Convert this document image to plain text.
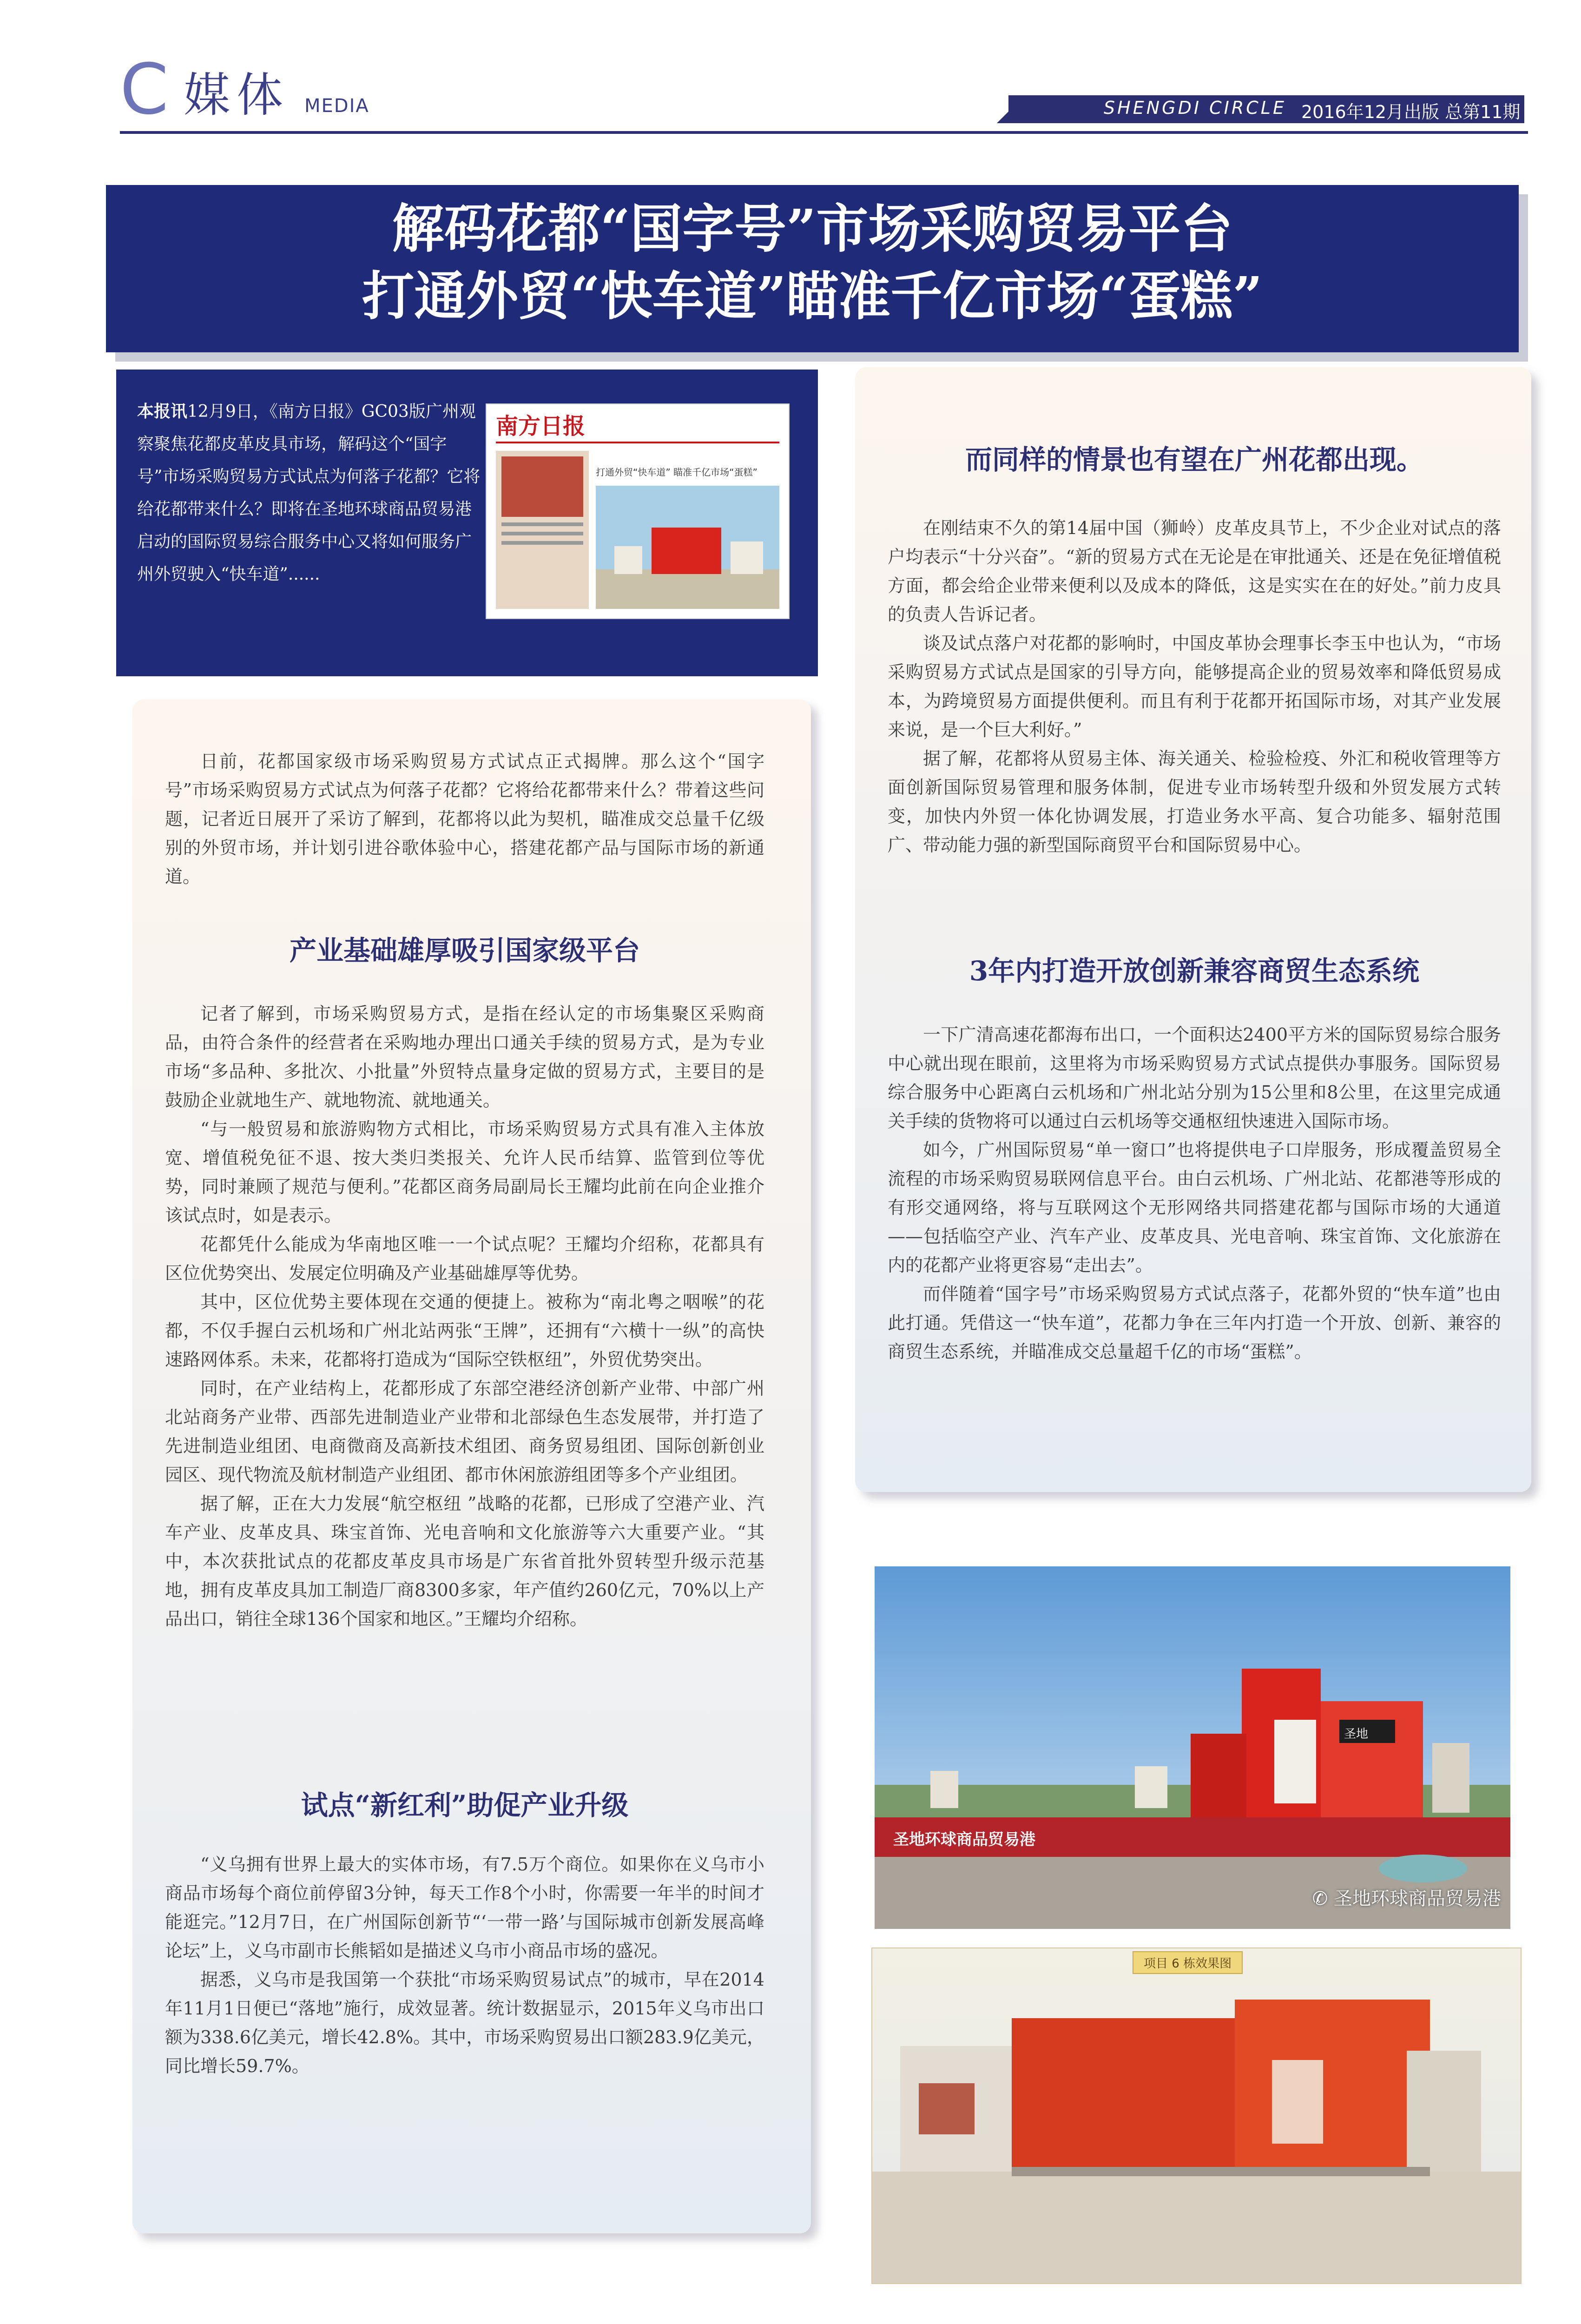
C 媒体 MEDIA	SHENGDI CIRCLE 2016年12月出版 总第11期
解码花都“国字号”市场采购贸易平台
打通外贸“快车道”瞄准千亿市场“蛋糕”
本报讯12月9日，《南方日报》GC03版广州观察聚焦花都皮革皮具市场，解码这个“国字号”市场采购贸易方式试点为何落子花都？它将给花都带来什么？即将在圣地环球商品贸易港启动的国际贸易综合服务中心又将如何服务广州外贸驶入“快车道”......
南方日报
打通外贸“快车道” 瞄准千亿市场“蛋糕”

日前，花都国家级市场采购贸易方式试点正式揭牌。那么这个“国字号”市场采购贸易方式试点为何落子花都？它将给花都带来什么？带着这些问题，记者近日展开了采访了解到，花都将以此为契机，瞄准成交总量千亿级别的外贸市场，并计划引进谷歌体验中心，搭建花都产品与国际市场的新通道。

产业基础雄厚吸引国家级平台

记者了解到，市场采购贸易方式，是指在经认定的市场集聚区采购商品，由符合条件的经营者在采购地办理出口通关手续的贸易方式，是为专业市场“多品种、多批次、小批量”外贸特点量身定做的贸易方式，主要目的是鼓励企业就地生产、就地物流、就地通关。

“与一般贸易和旅游购物方式相比，市场采购贸易方式具有准入主体放宽、增值税免征不退、按大类归类报关、允许人民币结算、监管到位等优势，同时兼顾了规范与便利。”花都区商务局副局长王耀均此前在向企业推介该试点时，如是表示。

花都凭什么能成为华南地区唯一一个试点呢？王耀均介绍称，花都具有区位优势突出、发展定位明确及产业基础雄厚等优势。

其中，区位优势主要体现在交通的便捷上。被称为“南北粤之咽喉”的花都，不仅手握白云机场和广州北站两张“王牌”，还拥有“六横十一纵”的高快速路网体系。未来，花都将打造成为“国际空铁枢纽”，外贸优势突出。

同时，在产业结构上，花都形成了东部空港经济创新产业带、中部广州北站商务产业带、西部先进制造业产业带和北部绿色生态发展带，并打造了先进制造业组团、电商微商及高新技术组团、商务贸易组团、国际创新创业园区、现代物流及航材制造产业组团、都市休闲旅游组团等多个产业组团。

据了解，正在大力发展“航空枢纽 ”战略的花都，已形成了空港产业、汽车产业、皮革皮具、珠宝首饰、光电音响和文化旅游等六大重要产业。“其中，本次获批试点的花都皮革皮具市场是广东省首批外贸转型升级示范基地，拥有皮革皮具加工制造厂商8300多家，年产值约260亿元，70%以上产品出口，销往全球136个国家和地区。”王耀均介绍称。

试点“新红利”助促产业升级

“义乌拥有世界上最大的实体市场，有7.5万个商位。如果你在义乌市小商品市场每个商位前停留3分钟，每天工作8个小时，你需要一年半的时间才能逛完。”12月7日，在广州国际创新节“‘一带一路’与国际城市创新发展高峰论坛”上，义乌市副市长熊韬如是描述义乌市小商品市场的盛况。

据悉，义乌市是我国第一个获批“市场采购贸易试点”的城市，早在2014年11月1日便已“落地”施行，成效显著。统计数据显示，2015年义乌市出口额为338.6亿美元，增长42.8%。其中，市场采购贸易出口额283.9亿美元，同比增长59.7%。

而同样的情景也有望在广州花都出现。

在刚结束不久的第14届中国（狮岭）皮革皮具节上，不少企业对试点的落户均表示“十分兴奋”。“新的贸易方式在无论是在审批通关、还是在免征增值税方面，都会给企业带来便利以及成本的降低，这是实实在在的好处。”前力皮具的负责人告诉记者。

谈及试点落户对花都的影响时，中国皮革协会理事长李玉中也认为，“市场采购贸易方式试点是国家的引导方向，能够提高企业的贸易效率和降低贸易成本，为跨境贸易方面提供便利。而且有利于花都开拓国际市场，对其产业发展来说，是一个巨大利好。”

据了解，花都将从贸易主体、海关通关、检验检疫、外汇和税收管理等方面创新国际贸易管理和服务体制，促进专业市场转型升级和外贸发展方式转变，加快内外贸一体化协调发展，打造业务水平高、复合功能多、辐射范围广、带动能力强的新型国际商贸平台和国际贸易中心。

3年内打造开放创新兼容商贸生态系统

一下广清高速花都海布出口，一个面积达2400平方米的国际贸易综合服务中心就出现在眼前，这里将为市场采购贸易方式试点提供办事服务。国际贸易综合服务中心距离白云机场和广州北站分别为15公里和8公里，在这里完成通关手续的货物将可以通过白云机场等交通枢纽快速进入国际市场。

如今，广州国际贸易“单一窗口”也将提供电子口岸服务，形成覆盖贸易全流程的市场采购贸易联网信息平台。由白云机场、广州北站、花都港等形成的有形交通网络，将与互联网这个无形网络共同搭建花都与国际市场的大通道——包括临空产业、汽车产业、皮革皮具、光电音响、珠宝首饰、文化旅游在内的花都产业将更容易“走出去”。

而伴随着“国字号”市场采购贸易方式试点落子，花都外贸的“快车道”也由此打通。凭借这一“快车道”，花都力争在三年内打造一个开放、创新、兼容的商贸生态系统，并瞄准成交总量超千亿的市场“蛋糕”。

圣地环球商品贸易港
圣地
✆ 圣地环球商品贸易港
项目 6 栋效果图
